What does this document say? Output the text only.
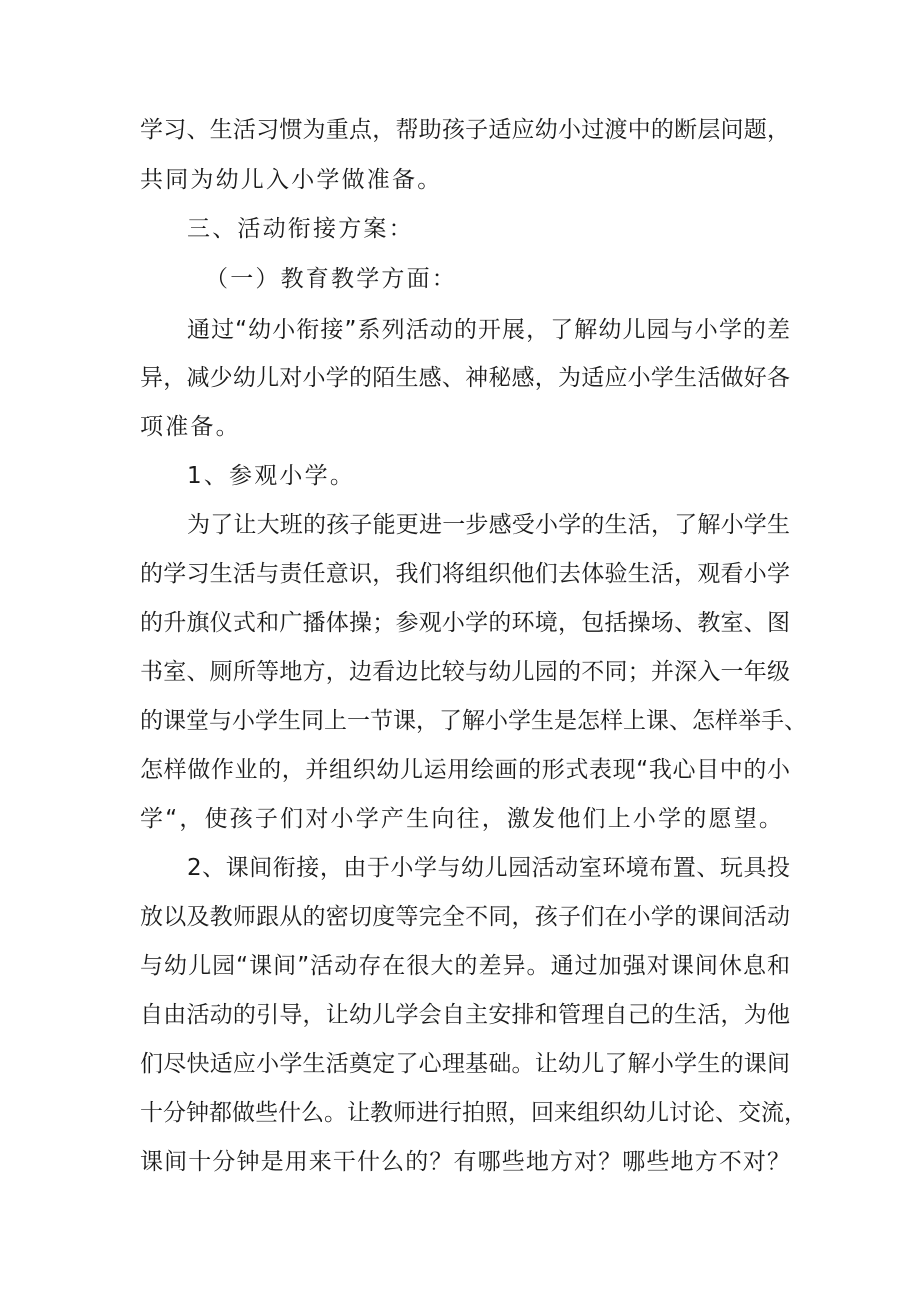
学习、生活习惯为重点，帮助孩子适应幼小过渡中的断层问题，
共同为幼儿入小学做准备。
三、活动衔接方案：
（一）教育教学方面：
通过“幼小衔接”系列活动的开展，了解幼儿园与小学的差
异，减少幼儿对小学的陌生感、神秘感，为适应小学生活做好各
项准备。
1、参观小学。
为了让大班的孩子能更进一步感受小学的生活，了解小学生
的学习生活与责任意识，我们将组织他们去体验生活，观看小学
的升旗仪式和广播体操；参观小学的环境，包括操场、教室、图
书室、厕所等地方，边看边比较与幼儿园的不同；并深入一年级
的课堂与小学生同上一节课，了解小学生是怎样上课、怎样举手、
怎样做作业的，并组织幼儿运用绘画的形式表现“我心目中的小
学“，使孩子们对小学产生向往，激发他们上小学的愿望。
2、课间衔接，由于小学与幼儿园活动室环境布置、玩具投
放以及教师跟从的密切度等完全不同，孩子们在小学的课间活动
与幼儿园“课间”活动存在很大的差异。通过加强对课间休息和
自由活动的引导，让幼儿学会自主安排和管理自己的生活，为他
们尽快适应小学生活奠定了心理基础。让幼儿了解小学生的课间
十分钟都做些什么。让教师进行拍照，回来组织幼儿讨论、交流，
课间十分钟是用来干什么的？有哪些地方对？哪些地方不对？
